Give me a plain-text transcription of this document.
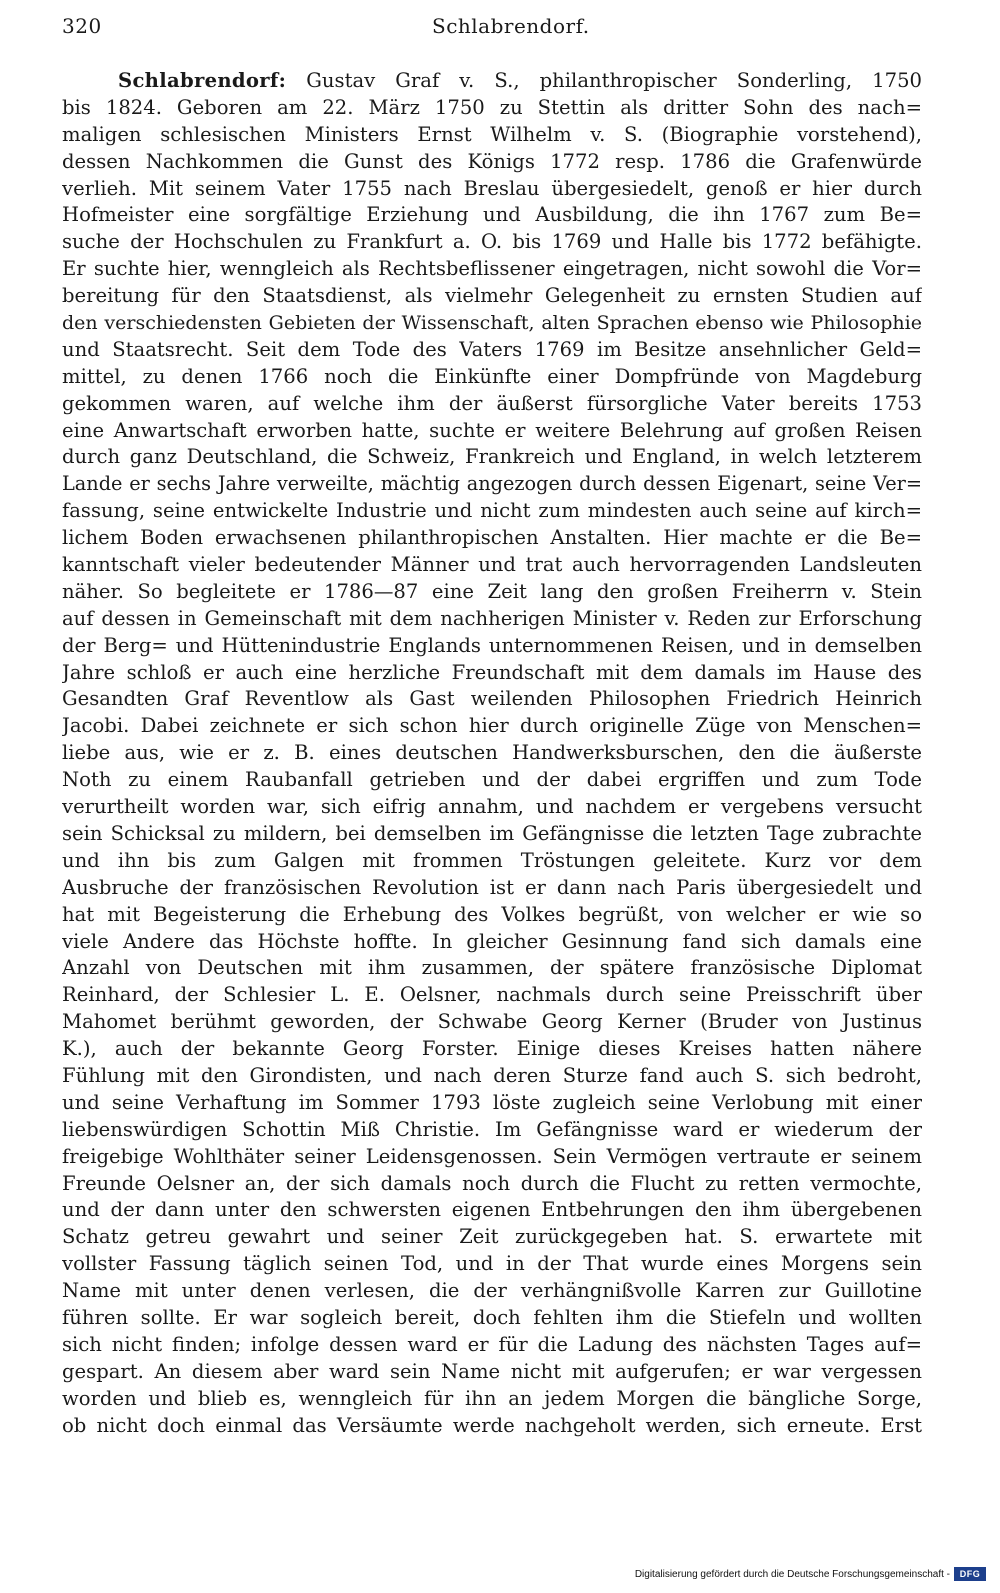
320	Schlabrendorf.
Schlabrendorf: Gustav Graf v. S., philanthropischer Sonderling, 1750
bis 1824. Geboren am 22. März 1750 zu Stettin als dritter Sohn des nach=
maligen schlesischen Ministers Ernst Wilhelm v. S. (Biographie vorstehend),
dessen Nachkommen die Gunst des Königs 1772 resp. 1786 die Grafenwürde
verlieh. Mit seinem Vater 1755 nach Breslau übergesiedelt, genoß er hier durch
Hofmeister eine sorgfältige Erziehung und Ausbildung, die ihn 1767 zum Be=
suche der Hochschulen zu Frankfurt a. O. bis 1769 und Halle bis 1772 befähigte.
Er suchte hier, wenngleich als Rechtsbeflissener eingetragen, nicht sowohl die Vor=
bereitung für den Staatsdienst, als vielmehr Gelegenheit zu ernsten Studien auf
den verschiedensten Gebieten der Wissenschaft, alten Sprachen ebenso wie Philosophie
und Staatsrecht. Seit dem Tode des Vaters 1769 im Besitze ansehnlicher Geld=
mittel, zu denen 1766 noch die Einkünfte einer Dompfründe von Magdeburg
gekommen waren, auf welche ihm der äußerst fürsorgliche Vater bereits 1753
eine Anwartschaft erworben hatte, suchte er weitere Belehrung auf großen Reisen
durch ganz Deutschland, die Schweiz, Frankreich und England, in welch letzterem
Lande er sechs Jahre verweilte, mächtig angezogen durch dessen Eigenart, seine Ver=
fassung, seine entwickelte Industrie und nicht zum mindesten auch seine auf kirch=
lichem Boden erwachsenen philanthropischen Anstalten. Hier machte er die Be=
kanntschaft vieler bedeutender Männer und trat auch hervorragenden Landsleuten
näher. So begleitete er 1786—87 eine Zeit lang den großen Freiherrn v. Stein
auf dessen in Gemeinschaft mit dem nachherigen Minister v. Reden zur Erforschung
der Berg= und Hüttenindustrie Englands unternommenen Reisen, und in demselben
Jahre schloß er auch eine herzliche Freundschaft mit dem damals im Hause des
Gesandten Graf Reventlow als Gast weilenden Philosophen Friedrich Heinrich
Jacobi. Dabei zeichnete er sich schon hier durch originelle Züge von Menschen=
liebe aus, wie er z. B. eines deutschen Handwerksburschen, den die äußerste
Noth zu einem Raubanfall getrieben und der dabei ergriffen und zum Tode
verurtheilt worden war, sich eifrig annahm, und nachdem er vergebens versucht
sein Schicksal zu mildern, bei demselben im Gefängnisse die letzten Tage zubrachte
und ihn bis zum Galgen mit frommen Tröstungen geleitete. Kurz vor dem
Ausbruche der französischen Revolution ist er dann nach Paris übergesiedelt und
hat mit Begeisterung die Erhebung des Volkes begrüßt, von welcher er wie so
viele Andere das Höchste hoffte. In gleicher Gesinnung fand sich damals eine
Anzahl von Deutschen mit ihm zusammen, der spätere französische Diplomat
Reinhard, der Schlesier L. E. Oelsner, nachmals durch seine Preisschrift über
Mahomet berühmt geworden, der Schwabe Georg Kerner (Bruder von Justinus
K.), auch der bekannte Georg Forster. Einige dieses Kreises hatten nähere
Fühlung mit den Girondisten, und nach deren Sturze fand auch S. sich bedroht,
und seine Verhaftung im Sommer 1793 löste zugleich seine Verlobung mit einer
liebenswürdigen Schottin Miß Christie. Im Gefängnisse ward er wiederum der
freigebige Wohlthäter seiner Leidensgenossen. Sein Vermögen vertraute er seinem
Freunde Oelsner an, der sich damals noch durch die Flucht zu retten vermochte,
und der dann unter den schwersten eigenen Entbehrungen den ihm übergebenen
Schatz getreu gewahrt und seiner Zeit zurückgegeben hat. S. erwartete mit
vollster Fassung täglich seinen Tod, und in der That wurde eines Morgens sein
Name mit unter denen verlesen, die der verhängnißvolle Karren zur Guillotine
führen sollte. Er war sogleich bereit, doch fehlten ihm die Stiefeln und wollten
sich nicht finden; infolge dessen ward er für die Ladung des nächsten Tages auf=
gespart. An diesem aber ward sein Name nicht mit aufgerufen; er war vergessen
worden und blieb es, wenngleich für ihn an jedem Morgen die bängliche Sorge,
ob nicht doch einmal das Versäumte werde nachgeholt werden, sich erneute. Erst
Digitalisierung gefördert durch die Deutsche Forschungsgemeinschaft -	DFG
